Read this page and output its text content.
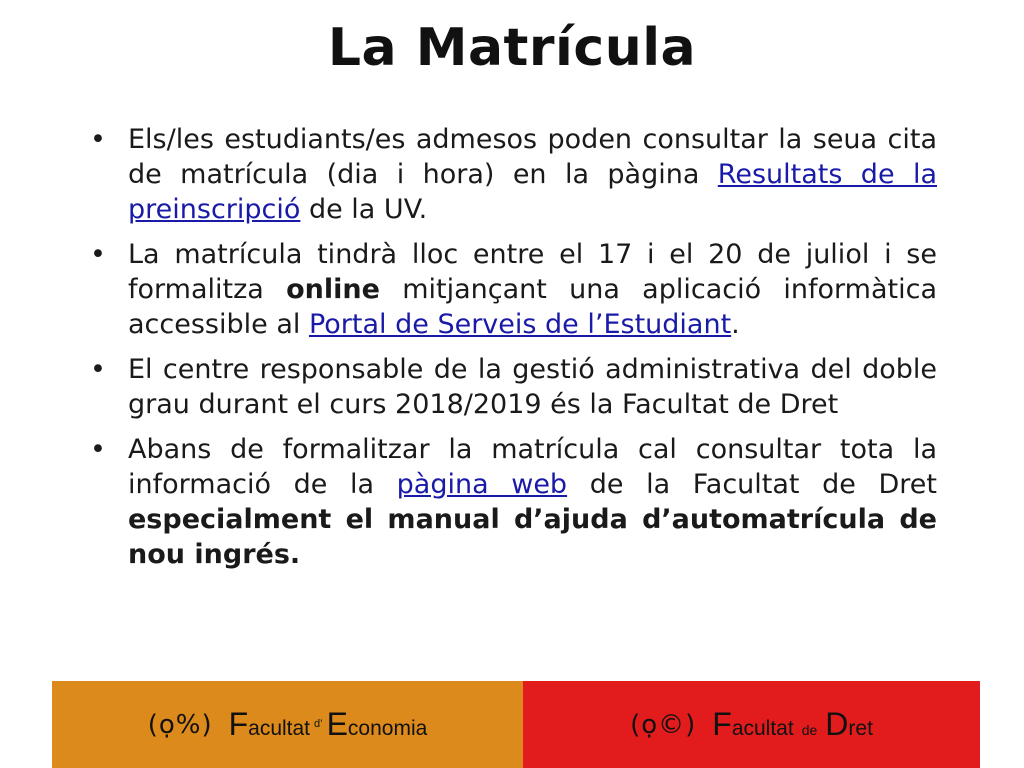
La Matrícula
• Els/les estudiants/es admesos poden consultar la seua cita de matrícula (dia i hora) en la pàgina Resultats de la preinscripció de la UV.
• La matrícula tindrà lloc entre el 17 i el 20 de juliol i se formalitza online mitjançant una aplicació informàtica accessible al Portal de Serveis de l’Estudiant.
• El centre responsable de la gestió administrativa del doble grau durant el curs 2018/2019 és la Facultat de Dret
• Abans de formalitzar la matrícula cal consultar tota la informació de la pàgina web de la Facultat de Dret especialment el manual d’ajuda d’automatrícula de nou ingrés.
(ọ%) Facultat $^{d’}$ Economia	(ọ©) Facultat de Dret
